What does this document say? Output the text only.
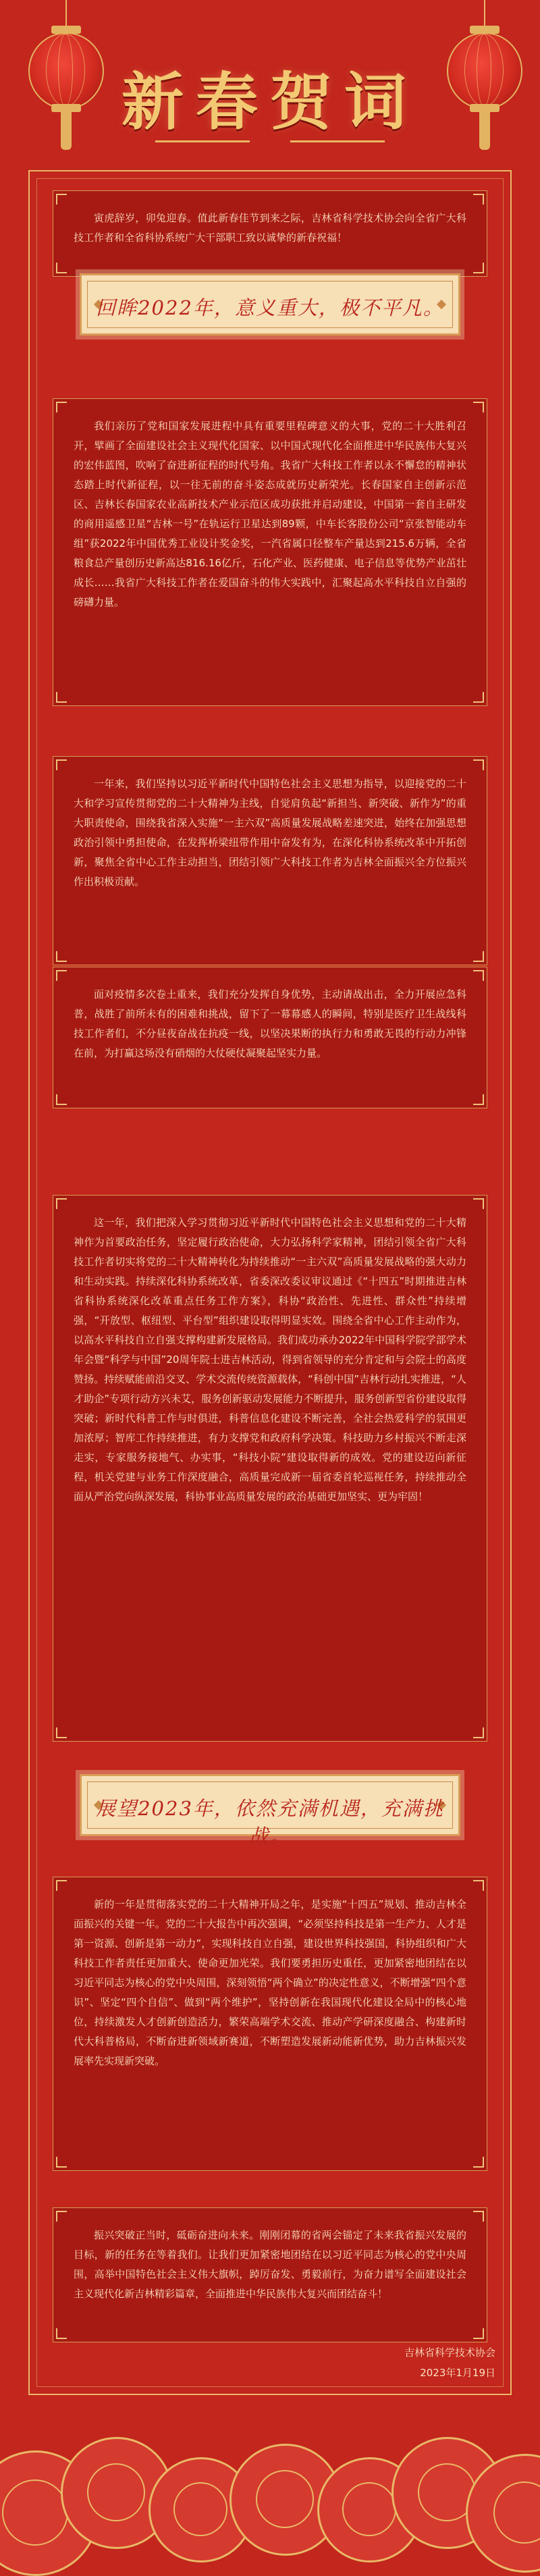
新春贺词

寅虎辞岁，卯兔迎春。值此新春佳节到来之际，吉林省科学技术协会向全省广大科技工作者和全省科协系统广大干部职工致以诚挚的新春祝福！

回眸2022年，意义重大，极不平凡。

我们亲历了党和国家发展进程中具有重要里程碑意义的大事，党的二十大胜利召开，擘画了全面建设社会主义现代化国家、以中国式现代化全面推进中华民族伟大复兴的宏伟蓝图，吹响了奋进新征程的时代号角。我省广大科技工作者以永不懈怠的精神状态踏上时代新征程，以一往无前的奋斗姿态成就历史新荣光。长春国家自主创新示范区、吉林长春国家农业高新技术产业示范区成功获批并启动建设，中国第一套自主研发的商用遥感卫星“吉林一号”在轨运行卫星达到89颗，中车长客股份公司“京张智能动车组”获2022年中国优秀工业设计奖金奖，一汽省属口径整车产量达到215.6万辆，全省粮食总产量创历史新高达816.16亿斤，石化产业、医药健康、电子信息等优势产业茁壮成长……我省广大科技工作者在爱国奋斗的伟大实践中，汇聚起高水平科技自立自强的磅礴力量。

一年来，我们坚持以习近平新时代中国特色社会主义思想为指导，以迎接党的二十大和学习宣传贯彻党的二十大精神为主线，自觉肩负起“新担当、新突破、新作为”的重大职责使命，围绕我省深入实施“一主六双”高质量发展战略差速突进，始终在加强思想政治引领中勇担使命，在发挥桥梁纽带作用中奋发有为，在深化科协系统改革中开拓创新，聚焦全省中心工作主动担当，团结引领广大科技工作者为吉林全面振兴全方位振兴作出积极贡献。

面对疫情多次卷土重来，我们充分发挥自身优势，主动请战出击，全力开展应急科普，战胜了前所未有的困难和挑战，留下了一幕幕感人的瞬间，特别是医疗卫生战线科技工作者们，不分昼夜奋战在抗疫一线，以坚决果断的执行力和勇敢无畏的行动力冲锋在前，为打赢这场没有硝烟的大仗硬仗凝聚起坚实力量。

这一年，我们把深入学习贯彻习近平新时代中国特色社会主义思想和党的二十大精神作为首要政治任务，坚定履行政治使命，大力弘扬科学家精神，团结引领全省广大科技工作者切实将党的二十大精神转化为持续推动“一主六双”高质量发展战略的强大动力和生动实践。持续深化科协系统改革，省委深改委议审议通过《“十四五”时期推进吉林省科协系统深化改革重点任务工作方案》，科协“政治性、先进性、群众性”持续增强，“开放型、枢纽型、平台型”组织建设取得明显实效。围绕全省中心工作主动作为，以高水平科技自立自强支撑构建新发展格局。我们成功承办2022年中国科学院学部学术年会暨“科学与中国”20周年院士进吉林活动，得到省领导的充分肯定和与会院士的高度赞扬。持续赋能前沿交叉、学术交流传统资源载体，“科创中国”吉林行动扎实推进，“人才助企”专项行动方兴未艾，服务创新驱动发展能力不断提升，服务创新型省份建设取得突破；新时代科普工作与时俱进，科普信息化建设不断完善，全社会热爱科学的氛围更加浓厚；智库工作持续推进，有力支撑党和政府科学决策。科技助力乡村振兴不断走深走实，专家服务接地气、办实事，“科技小院”建设取得新的成效。党的建设迈向新征程，机关党建与业务工作深度融合，高质量完成新一届省委首轮巡视任务，持续推动全面从严治党向纵深发展，科协事业高质量发展的政治基础更加坚实、更为牢固！

展望2023年，依然充满机遇，充满挑战。

新的一年是贯彻落实党的二十大精神开局之年，是实施“十四五”规划、推动吉林全面振兴的关键一年。党的二十大报告中再次强调，“必须坚持科技是第一生产力、人才是第一资源、创新是第一动力”，实现科技自立自强，建设世界科技强国，科协组织和广大科技工作者责任更加重大、使命更加光荣。我们要勇担历史重任，更加紧密地团结在以习近平同志为核心的党中央周围，深刻领悟“两个确立”的决定性意义，不断增强“四个意识”、坚定“四个自信”、做到“两个维护”，坚持创新在我国现代化建设全局中的核心地位，持续激发人才创新创造活力，繁荣高端学术交流、推动产学研深度融合、构建新时代大科普格局，不断奋进新领域新赛道，不断塑造发展新动能新优势，助力吉林振兴发展率先实现新突破。

振兴突破正当时，砥砺奋进向未来。刚刚闭幕的省两会锚定了未来我省振兴发展的目标，新的任务在等着我们。让我们更加紧密地团结在以习近平同志为核心的党中央周围，高举中国特色社会主义伟大旗帜，踔厉奋发、勇毅前行，为奋力谱写全面建设社会主义现代化新吉林精彩篇章，全面推进中华民族伟大复兴而团结奋斗！

吉林省科学技术协会
2023年1月19日
